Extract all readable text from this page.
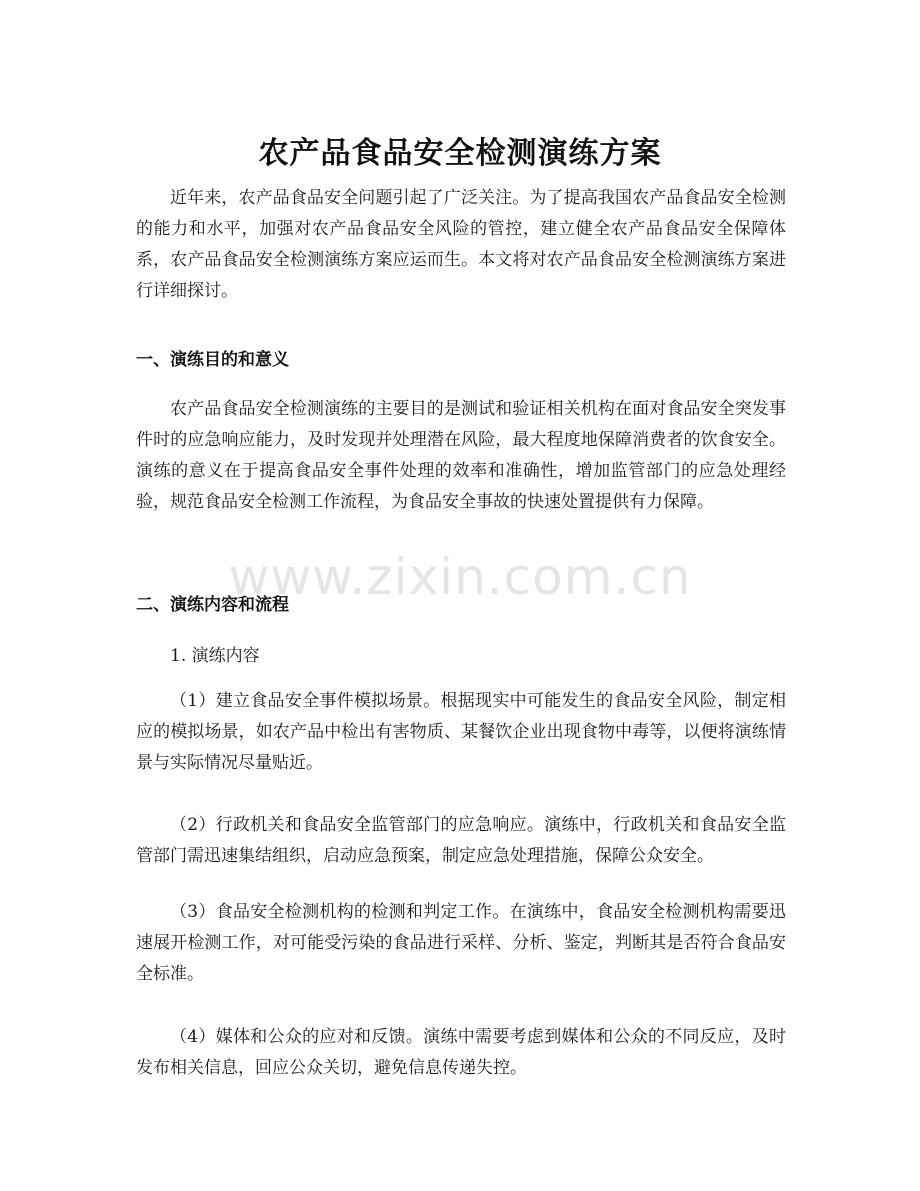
农产品食品安全检测演练方案

近年来，农产品食品安全问题引起了广泛关注。为了提高我国农产品食品安全检测的能力和水平，加强对农产品食品安全风险的管控，建立健全农产品食品安全保障体系，农产品食品安全检测演练方案应运而生。本文将对农产品食品安全检测演练方案进行详细探讨。

一、演练目的和意义

农产品食品安全检测演练的主要目的是测试和验证相关机构在面对食品安全突发事件时的应急响应能力，及时发现并处理潜在风险，最大程度地保障消费者的饮食安全。演练的意义在于提高食品安全事件处理的效率和准确性，增加监管部门的应急处理经验，规范食品安全检测工作流程，为食品安全事故的快速处置提供有力保障。

二、演练内容和流程

1. 演练内容

（1）建立食品安全事件模拟场景。根据现实中可能发生的食品安全风险，制定相应的模拟场景，如农产品中检出有害物质、某餐饮企业出现食物中毒等，以便将演练情景与实际情况尽量贴近。

（2）行政机关和食品安全监管部门的应急响应。演练中，行政机关和食品安全监管部门需迅速集结组织，启动应急预案，制定应急处理措施，保障公众安全。

（3）食品安全检测机构的检测和判定工作。在演练中，食品安全检测机构需要迅速展开检测工作，对可能受污染的食品进行采样、分析、鉴定，判断其是否符合食品安全标准。

（4）媒体和公众的应对和反馈。演练中需要考虑到媒体和公众的不同反应，及时发布相关信息，回应公众关切，避免信息传递失控。

www.zixin.com.cn
